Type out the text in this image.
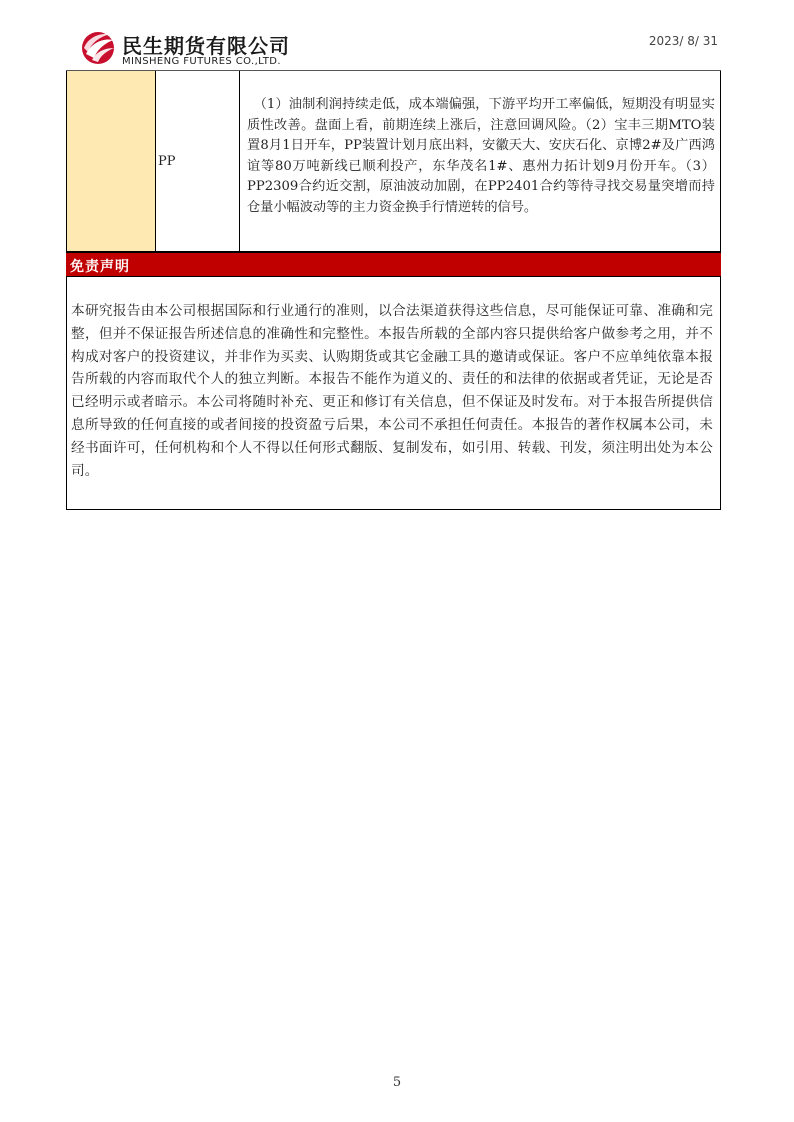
民生期货有限公司
MINSHENG FUTURES CO.,LTD.
2023/ 8/ 31
PP
（1）油制利润持续走低，成本端偏强，下游平均开工率偏低，短期没有明显实质性改善。盘面上看，前期连续上涨后，注意回调风险。（2）宝丰三期MTO装置8月1日开车，PP装置计划月底出料，安徽天大、安庆石化、京博2#及广西鸿谊等80万吨新线已顺利投产，东华茂名1#、惠州力拓计划9月份开车。（3）PP2309合约近交割，原油波动加剧，在PP2401合约等待寻找交易量突增而持仓量小幅波动等的主力资金换手行情逆转的信号。
免责声明
本研究报告由本公司根据国际和行业通行的准则，以合法渠道获得这些信息，尽可能保证可靠、准确和完整，但并不保证报告所述信息的准确性和完整性。本报告所载的全部内容只提供给客户做参考之用，并不构成对客户的投资建议，并非作为买卖、认购期货或其它金融工具的邀请或保证。客户不应单纯依靠本报告所载的内容而取代个人的独立判断。本报告不能作为道义的、责任的和法律的依据或者凭证，无论是否已经明示或者暗示。本公司将随时补充、更正和修订有关信息，但不保证及时发布。对于本报告所提供信息所导致的任何直接的或者间接的投资盈亏后果，本公司不承担任何责任。本报告的著作权属本公司，未经书面许可，任何机构和个人不得以任何形式翻版、复制发布，如引用、转载、刊发，须注明出处为本公司。
5
